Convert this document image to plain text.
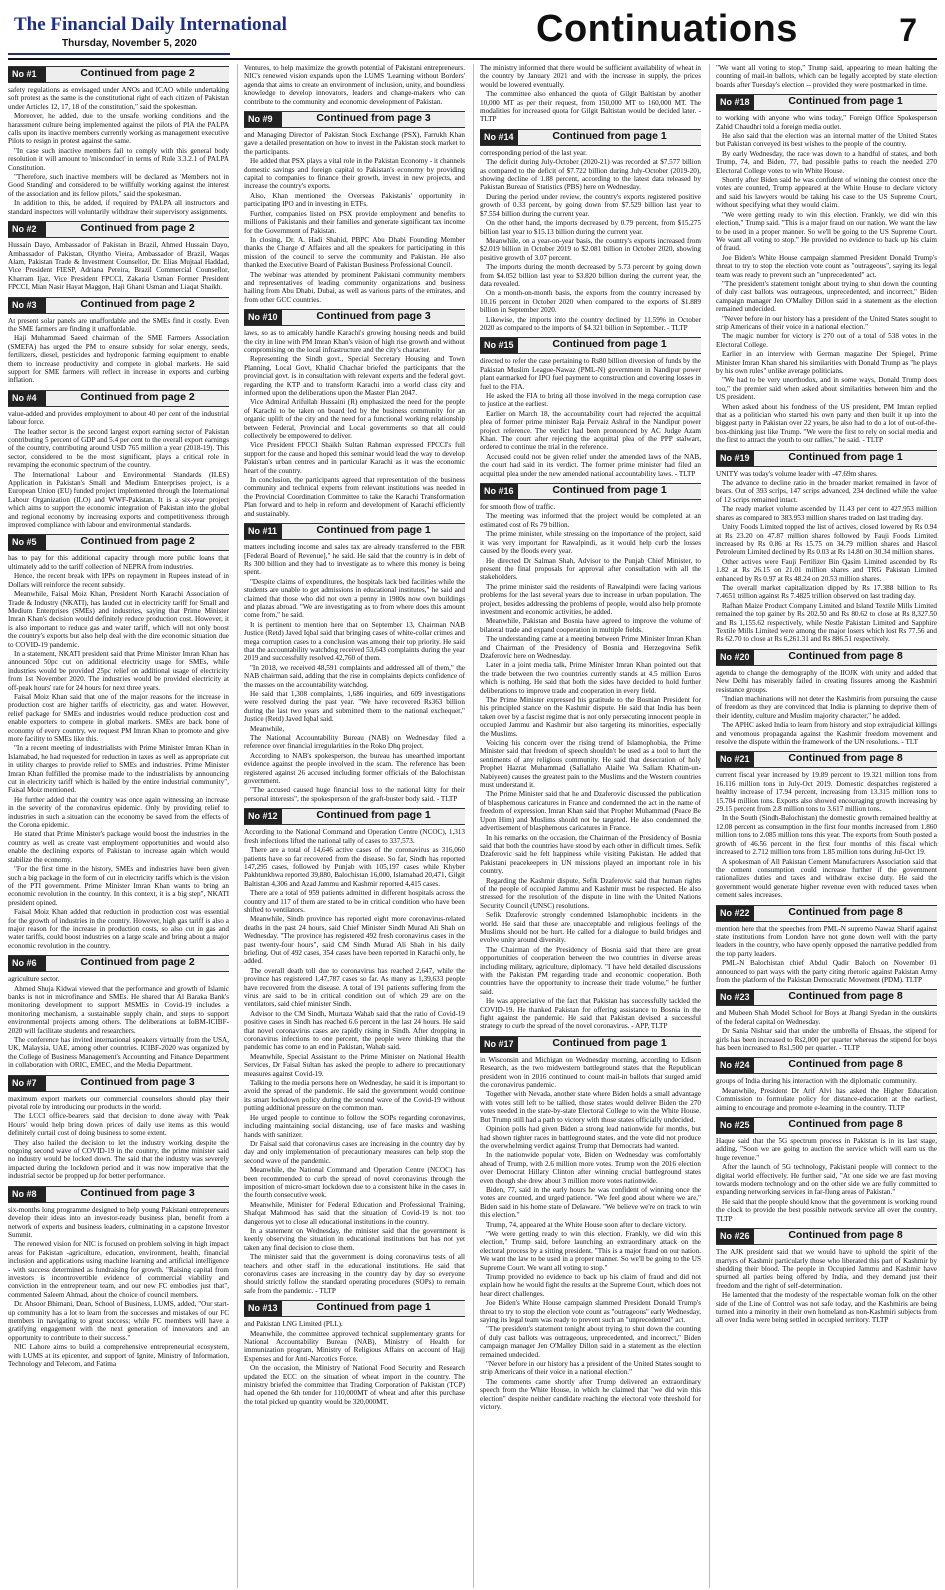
The Financial Daily International
Thursday, November 5, 2020	Continuations	7
No #1	Continued from page 2

safety regulations as envisaged under ANOs and ICAO while undertaking soft protest as the same is the constitutional right of each citizen of Pakistan under Articles 12, 17, 18 of the constitution," said the spokesman.

Moreover, he added, due to the unsafe working conditions and the harassment culture being implemented against the pilots of PIA the PALPA calls upon its inactive members currently working as management executive Pilots to resign in protest against the same.

"In case such inactive members fail to comply with this general body resolution it will amount to 'misconduct' in terms of Rule 3.3.2.1 of PALPA Constitution.

"Therefore, such inactive members will be declared as 'Members not in Good Standing' and considered to be willfully working against the interest of the association and its fellow pilots," said the spokesman.

In addition to this, he added, if required by PALPA all instructors and standard inspectors will voluntarily withdraw their supervisory assignments.

No #2	Continued from page 2

Hussain Dayo, Ambassador of Pakistan in Brazil, Ahmed Hussain Dayo, Ambassador of Pakistan, Olyntho Vieira, Ambassador of Brazil, Waqas Alam, Pakistan Trade & Investment Counsellor, Dr. Elias Mujtaal Haddad, Vice President FIESP, Adriana Pereira, Brazil Commercial Counsellor, Kharram Ijaz, Vice President FPCCI, Zakaria Usman Former President FPCCI, Mian Nasir Hayat Maggon, Haji Ghani Usman and Liaqat Shaikh.

No #3	Continued from page 2

At present solar panels are unaffordable and the SMEs find it costly. Even the SME farmers are finding it unaffordable.

Haji Muhammad Saeed chairman of the SME Farmers Association (SMEFA) has urged the PM to ensure subsidy for solar energy, seeds, fertilizers, diesel, pesticides and hydroponic farming equipment to enable them to increase productivity and compete in global markets. He said support for SME farmers will reflect in increase in exports and curbing inflation.

No #4	Continued from page 2

value-added and provides employment to about 40 per cent of the industrial labour force.

The leather sector is the second largest export earning sector of Pakistan contributing 5 percent of GDP and 5.4 per cent to the overall export earnings of the country, contributing around USD 765 million a year (2018-19). This sector, considered to be the most significant, plays a critical role in revamping the economic spectrum of the country.

The International Labour and Environmental Standards (ILES) Application in Pakistan's Small and Medium Enterprises project, is a European Union (EU) funded project implemented through the International Labour Organization (ILO) and WWF-Pakistan. It is a six-year project which aims to support the economic integration of Pakistan into the global and regional economy by increasing exports and competitiveness through improved compliance with labour and environmental standards.

No #5	Continued from page 2

has to pay for this additional capacity through more public loans that ultimately add to the tariff collection of NEPRA from industries.

Hence, the recent break with IPPs on repayment in Rupees instead of in Dollars will reinforce the recent subsidy.

Meanwhile, Faisal Moiz Khan, President North Karachi Association of Trade & Industry (NKATI), has lauded cut in electricity tariff for Small and Medium Enterprises (SMEs) and industries, saying that Prime Minister Imran Khan's decision would definitely reduce production cost. However, it is also important to reduce gas and water tariff, which will not only boost the country's exports but also help deal with the dire economic situation due to COVID-19 pandemic.

In a statement, NKATI president said that Prime Minister Imran Khan has announced 50pc cut on additional electricity usage for SMEs, while industries would be provided 25pc relief on additional usage of electricity from 1st November 2020. The industries would be provided electricity at off-peak hours' rate for 24 hours for next three years.

Faisal Moiz Khan said that one of the major reasons for the increase in production cost are higher tariffs of electricity, gas and water. However, relief package for SMEs and industries would reduce production cost and enable exporters to compete in global markets. SMEs are back bone of economy of every country, we request PM Imran Khan to promote and give more facility to SMEs like this.

"In a recent meeting of industrialists with Prime Minister Imran Khan in Islamabad, he had requested for reduction in taxes as well as appropriate cut in utility charges to provide relief to SMEs and industries. Prime Minister Imran Khan fulfilled the promise made to the industrialists by announcing cut in electricity tariff which is hailed by the entire industrial community", Faisal Moiz mentioned.

He further added that the country was once again witnessing an increase in the severity of the coronavirus epidemic. Only by providing relief to industries in such a situation can the economy be saved from the effects of the Corona epidemic.

He stated that Prime Minister's package would boost the industries in the country as well as create vast employment opportunities and would also enable the declining exports of Pakistan to increase again which would stabilize the economy.

"For the first time in the history, SMEs and industries have been given such a big package in the form of cut in electricity tariffs which is the vision of the PTI government. Prime Minister Imran Khan wants to bring an economic revolution in the country. In this context, it is a big step", NKATI president opined.

Faisal Moiz Khan added that reduction in production cost was essential for the growth of industries in the country. However, high gas tariff is also a major reason for the increase in production costs, so also cut in gas and water tariffs, could boost industries on a large scale and bring about a major economic revolution in the country.

No #6	Continued from page 2

agriculture sector.

Ahmed Shuja Kidwai viewed that the performance and growth of Islamic banks is not in microfinance and SMEs. He shared that Al Baraka Bank's monitoring development to support MSMEs in Covid-19 includes a monitoring mechanism, a sustainable supply chain, and steps to support environmental projects among others. The deliberations at IoBM-ICIBF-2020 will facilitate students and researchers.

The conference has invited international speakers virtually from the USA, UK, Malaysia, UAE, among other countries. ICIBF-2020 was organized by the College of Business Management's Accounting and Finance Department in collaboration with ORIC, EMEC, and the Media Department.

No #7	Continued from page 3

maximum export markets our commercial counselors should play their pivotal role by introducing our products in the world.

The LCCI office-bearers said that decision to done away with 'Peak Hours' would help bring down prices of daily use items as this would definitely curtail cost of doing business to some extent.

They also hailed the decision to let the industry working despite the ongoing second wave of COVID-19 in the country, the prime minister said no industry would be locked down. The said that the industry was severely impacted during the lockdown period and it was now imperative that the industrial sector be propped up for better performance.

No #8	Continued from page 3

six-months long programme designed to help young Pakistani entrepreneurs develop their ideas into an investor-ready business plan, benefit from a network of experts and business leaders, culminating in a capstone Investor Summit.

The renewed vision for NIC is focused on problem solving in high impact areas for Pakistan -agriculture, education, environment, health, financial inclusion and applications using machine learning and artificial intelligence - with success determined as fundraising for growth. "Raising capital from investors is incontrovertible evidence of commercial viability and conviction in the entrepreneur team, and our new FC embodies just that", commented Saleem Ahmad, about the choice of council members.

Dr. Ahsoor Bhimani, Dean, School of Business, LUMS, added, "Our start-up community has a lot to learn from the successes and mistakes of our FC members in navigating to great success; while FC members will have a gratifying engagement with the next generation of innovators and an opportunity to contribute to their success."

NIC Lahore aims to build a comprehensive entrepreneurial ecosystem, with LUMS at its epicenter, and support of Ignite, Ministry of Information, Technology and Telecom, and Fatima

Ventures, to help maximize the growth potential of Pakistani entrepreneurs. NIC's renewed vision expands upon the LUMS 'Learning without Borders' agenda that aims to create an environment of inclusion, unity, and boundless knowledge to develop innovators, leaders and change-makers who can contribute to the community and economic development of Pakistan.

No #9	Continued from page 3

and Managing Director of Pakistan Stock Exchange (PSX), Farrukh Khan gave a detailed presentation on how to invest in the Pakistan stock market to the participants.

He added that PSX plays a vital role in the Pakistan Economy - it channels domestic savings and foreign capital to Pakistan's economy by providing capital to companies to finance their growth, invest in new projects, and increase the country's exports.

Also, Khan mentioned the Overseas Pakistanis' opportunity in participating IPO and in investing in ETFs.

Further, companies listed on PSX provide employment and benefits to millions of Pakistanis and their families and generate significant tax income for the Government of Pakistan.

In closing, Dr. A. Hadi Shahid, PBPC Abu Dhabi Founding Member thanks the Charge d' Affaires and all the speakers for participating in this mission of the council to serve the community and Pakistan. He also thanked the Executive Board of Pakistan Business Professional Council.

The webinar was attended by prominent Pakistani community members and representatives of leading community organizations and business hailing from Abu Dhabi, Dubai, as well as various parts of the emirates, and from other GCC countries.

No #10	Continued from page 3

laws, so as to amicably handle Karachi's growing housing needs and build the city in line with PM Imran Khan's vision of high rise growth and without compromising on the local infrastructure and the city's character.

Representing the Sindh govt., Special Secretary Housing and Town Planning, Local Govt, Khalid Chachar briefed the participants that the provincial govt. is in consultation with relevant experts and the federal govt. regarding the KTP and to transform Karachi into a world class city and informed upon the deliberations upon the Master Plan 2047.

Vice Admiral Arifullah Hussaini (R) emphasized the need for the people of Karachi to be taken on board led by the business community for an organic uplift of the city and the need for a functional working relationship between Federal, Provincial and Local governments so that all could collectively be empowered to deliver.

Vice President FPCCI Shaikh Sultan Rahman expressed FPCCI's full support for the cause and hoped this seminar would lead the way to develop Pakistan's urban centres and in particular Karachi as it was the economic heart of the country.

In conclusion, the participants agreed that representation of the business community and technical experts from relevant institutions was needed in the Provincial Coordination Committee to take the Karachi Transformation Plan forward and to help in reform and development of Karachi efficiently and sustainably.

No #11	Continued from page 1

matters including income and sales tax are already transferred to the FBR [Federal Board of Revenue]," he said. He said that the country is in debt of Rs 300 billion and they had to investigate as to where this money is being spent.

"Despite claims of expenditures, the hospitals lack bed facilities while the students are unable to get admissions in educational institutes," he said and claimed that those who did not own a penny in 1980s now own buildings and plazas abroad. "We are investigating as to from where does this amount come from," he said.

It is pertinent to mention here that on September 13, Chairman NAB Justice (Retd) Javed Iqbal said that bringing cases of white-collar crimes and mega corruption cases to a conclusion was among their top priority. He said that the accountability watchdog received 53,643 complaints during the year 2019 and successfully resolved 42,760 of them.

"In 2018, we received 48,591 complaints and addressed all of them," the NAB chairman said, adding that the rise in complaints depicts confidence of the masses on the accountability watchdog.

He said that 1,308 complaints, 1,686 inquiries, and 609 investigations were resolved during the past year. "We have recovered Rs363 billion during the last two years and submitted them to the national exchequer," Justice (Retd) Javed Iqbal said.

Meanwhile,

The National Accountability Bureau (NAB) on Wednesday filed a reference over financial irregularities in the Roko Dhq project.

According to NAB's spokesperson, the bureau has unearthed important evidence against the people involved in the scam. The reference has been registered against 26 accused including former officials of the Balochistan government.

"The accused caused huge financial loss to the national kitty for their personal interests", the spokesperson of the graft-buster body said. - TLTP

No #12	Continued from page 1

According to the National Command and Operation Centre (NCOC), 1,313 fresh infections lifted the national tally of cases to 337,573.

There are a total of 14,646 active cases of the coronavirus as 316,060 patients have so far recovered from the disease. So far, Sindh has reported 147,295 cases, followed by Punjab with 105,197 cases while Khyber Pakhtunkhwa reported 39,880, Balochistan 16,000, Islamabad 20,471, Gilgit Baltistan 4,306 and Azad Jammu and Kashmir reported 4,415 cases.

There are a total of 959 patients admitted in different hospitals across the country and 117 of them are stated to be in critical condition who have been shifted to ventilators.

Meanwhile, Sindh province has reported eight more coronavirus-related deaths in the past 24 hours, said Chief Minister Sindh Murad Ali Shah on Wednesday. "The province has registered 492 fresh coronavirus cases in the past twenty-four hours", said CM Sindh Murad Ali Shah in his daily briefing. Out of 492 cases, 354 cases have been reported in Karachi only, he added.

The overall death toll due to coronavirus has reached 2,647, while the province has registered 1,47,787 cases so far. As many as 1,39,633 people have recovered from the disease. A total of 191 patients suffering from the virus are said to be in critical condition out of which 29 are on the ventilators, said chief minister Sindh.

Advisor to the CM Sindh, Murtaza Wahab said that the ratio of Covid-19 positive cases in Sindh has reached 6.6 percent in the last 24 hours. He said that novel coronavirus cases are rapidly rising in Sindh. After dropping in coronavirus infections to one percent, the people were thinking that the pandemic has come to an end in Pakistan, Wahab said.

Meanwhile, Special Assistant to the Prime Minister on National Health Services, Dr Faisal Sultan has asked the people to adhere to precautionary measures against Covid-19.

Talking to the media persons here on Wednesday, he said it is important to avoid the spread of the pandemic. He said the government would continue its smart lockdown policy during the second wave of the Covid-19 without putting additional pressure on the common man.

He urged people to continue to follow the SOPs regarding coronavirus, including maintaining social distancing, use of face masks and washing hands with sanitizer.

Dr Faisal said that coronavirus cases are increasing in the country day by day and only implementation of precautionary measures can help stop the second wave of the pandemic.

Meanwhile, the National Command and Operation Centre (NCOC) has been recommended to curb the spread of novel coronavirus through the imposition of micro-smart lockdown due to a consistent hike in the cases in the fourth consecutive week.

Meanwhile, Minister for Federal Education and Professional Training, Shafqat Mahmood has said that the situation of Covid-19 is not too dangerous yet to close all educational institutions in the country.

In a statement on Wednesday, the minister said that the government is keenly observing the situation in educational institutions but has not yet taken any final decision to close them.

The minister said that the government is doing coronavirus tests of all teachers and other staff in the educational institutions. He said that coronavirus cases are increasing in the country day by day so everyone should strictly follow the standard operating procedures (SOPs) to remain safe from the pandemic. - TLTP

No #13	Continued from page 1

and Pakistan LNG Limited (PLL).

Meanwhile, the committee approved technical supplementary grants for National Accountability Bureau (NAB), Ministry of Health for immunization program, Ministry of Religious Affairs on account of Hajj Expenses and for Anti-Narcotics Force.

On the occasion, the Ministry of National Food Security and Research updated the ECC on the situation of wheat import in the country. The ministry briefed the committee that Trading Corporation of Pakistan (TCP) had opened the 6th tender for 110,000MT of wheat and after this purchase the total picked up quantity would be 320,000MT.

The ministry informed that there would be sufficient availability of wheat in the country by January 2021 and with the increase in supply, the prices would be lowered eventually.

The committee also enhanced the quota of Gilgit Baltistan by another 10,000 MT as per their request, from 150,000 MT to 160,000 MT. The modalities for increased quota for Gilgit Baltistan would be decided later. - TLTP

No #14	Continued from page 1

corresponding period of the last year.

The deficit during July-October (2020-21) was recorded at $7.577 billion as compared to the deficit of $7.722 billion during July-October (2019-20), showing decline of 1.88 percent, according to the latest data released by Pakistan Bureau of Statistics (PBS) here on Wednesday.

During the period under review, the country's exports registered positive growth of 0.33 percent, by going down from $7.529 billion last year to $7.554 billion during the current year.

On the other hand, the imports decreased by 0.79 percent, from $15.275 billion last year to $15.13 billion during the current year.

Meanwhile, on a year-on-year basis, the country's exports increased from $2.019 billion in October 2019 to $2.081 billion in October 2020, showing positive growth of 3.07 percent.

The imports during the month decreased by 5.73 percent by going down from $4.052 billion last year to $3.820 billion during the current year, the data revealed.

On a month-on-month basis, the exports from the country increased by 10.16 percent in October 2020 when compared to the exports of $1.889 billion in September 2020.

Likewise, the imports into the country declined by 11.59% in October 2020 as compared to the imports of $4.321 billion in September. - TLTP

No #15	Continued from page 1

directed to refer the case pertaining to Rs80 billion diversion of funds by the Pakistan Muslim League-Nawaz (PML-N) government in Nandipur power plant earmarked for IPO fuel payment to construction and covering losses in fuel to the FIA.

He asked the FIA to bring all those involved in the mega corruption case to justice at the earliest.

Earlier on March 18, the accountability court had rejected the acquittal plea of former prime minister Raja Pervaiz Ashraf in the Nandipur power project reference. The verdict had been pronounced by AC Judge Azam Khan. The court after rejecting the acquittal plea of the PPP stalwart, ordered to continue the trial in the reference.

Accused could not be given relief under the amended laws of the NAB, the court had said in its verdict. The former prime minister had filed an acquittal plea under the new amended national accountability laws. - TLTP

No #16	Continued from page 1

for smooth flow of traffic.

The meeting was informed that the project would be completed at an estimated cost of Rs 79 billion.

The prime minister, while stressing on the importance of the project, said it was very important for Rawalpindi, as it would help curb the losses caused by the floods every year.

He directed Dr Salman Shah, Advisor to the Punjab Chief Minister, to present the final proposals for approval after consultation with all the stakeholders.

The prime minister said the residents of Rawalpindi were facing various problems for the last several years due to increase in urban population. The project, besides addressing the problems of people, would also help promote investment and economic activities, he added.

Meanwhile, Pakistan and Bosnia have agreed to improve the volume of bilateral trade and expand cooperation in multiple fields.

The understanding came at a meeting between Prime Minister Imran Khan and Chairman of the Presidency of Bosnia and Herzegovina Sefik Dzaferovic here on Wednesday.

Later in a joint media talk, Prime Minister Imran Khan pointed out that the trade between the two countries currently stands at 4.5 million Euros which is nothing. He said that both the sides have decided to hold further deliberations to improve trade and cooperation in every field.

The Prime Minister expressed his gratitude to the Bosnian President for his principled stance on the Kashmir dispute. He said that India has been taken over by a fascist regime that is not only persecuting innocent people in occupied Jammu and Kashmir but also targeting its minorities, especially the Muslims.

Voicing his concern over the rising trend of Islamophobia, the Prime Minister said that freedom of speech shouldn't be used as a tool to hurt the sentiments of any religious community. He said that desecration of holy Prophet Hazrat Muhammad (Sallallaho Alaihe Wa Sallam Khatim-un-Nabiyeen) causes the greatest pain to the Muslims and the Western countries must understand it.

The Prime Minister said that he and Dzaferovic discussed the publication of blasphemous caricatures in France and condemned the act in the name of freedom of expression. Imran Khan said that Prophet Muhammad (Peace Be Upon Him) and Muslims should not be targeted. He also condemned the advertisement of blasphemous caricatures in France.

In his remarks on the occasion, the Chairman of the Presidency of Bosnia said that both the countries have stood by each other in difficult times. Sefik Dzaferovic said he felt happiness while visiting Pakistan. He added that Pakistani peacekeepers in UN missions played an important role in his country.

Regarding the Kashmir dispute, Sefik Dzaferovic said that human rights of the people of occupied Jammu and Kashmir must be respected. He also stressed for the resolution of the dispute in line with the United Nations Security Council (UNSC) resolutions.

Sefik Dzaferovic strongly condemned Islamophobic incidents in the world. He said that these are unacceptable and religious feelings of the Muslims should not be hurt. He called for a dialogue to build bridges and evolve unity around diversity.

The Chairman of the Presidency of Bosnia said that there are great opportunities of cooperation between the two countries in diverse areas including military, agriculture, diplomacy. "I have held detailed discussions with the Pakistan PM regarding trade and economic cooperation. Both countries have the opportunity to increase their trade volume," he further said.

He was appreciative of the fact that Pakistan has successfully tackled the COVID-19. He thanked Pakistan for offering assistance to Bosnia in the fight against the pandemic. He said that Pakistan devised a successful strategy to curb the spread of the novel coronavirus. - APP, TLTP

No #17	Continued from page 1

in Wisconsin and Michigan on Wednesday morning, according to Edison Research, as the two midwestern battleground states that the Republican president won in 2016 continued to count mail-in ballots that surged amid the coronavirus pandemic.

Together with Nevada, another state where Biden holds a small advantage with votes still left to be tallied, those states would deliver Biden the 270 votes needed in the state-by-state Electoral College to win the White House. But Trump still had a path to victory with those states officially undecided.

Opinion polls had given Biden a strong lead nationwide for months, but had shown tighter races in battleground states, and the vote did not produce the overwhelming verdict against Trump that Democrats had wanted.

In the nationwide popular vote, Biden on Wednesday was comfortably ahead of Trump, with 2.6 million more votes. Trump won the 2016 election over Democrat Hillary Clinton after winning crucial battleground states even though she drew about 3 million more votes nationwide.

Biden, 77, said in the early hours he was confident of winning once the votes are counted, and urged patience. "We feel good about where we are," Biden said in his home state of Delaware. "We believe we're on track to win this election."

Trump, 74, appeared at the White House soon after to declare victory.

"We were getting ready to win this election. Frankly, we did win this election," Trump said, before launching an extraordinary attack on the electoral process by a sitting president. "This is a major fraud on our nation. We want the law to be used in a proper manner. So we'll be going to the US Supreme Court. We want all voting to stop."

Trump provided no evidence to back up his claim of fraud and did not explain how he would fight the results at the Supreme Court, which does not hear direct challenges.

Joe Biden's White House campaign slammed President Donald Trump's threat to try to stop the election vote count as "outrageous" early Wednesday, saying its legal team was ready to prevent such an "unprecedented" act.

"The president's statement tonight about trying to shut down the counting of duly cast ballots was outrageous, unprecedented, and incorrect," Biden campaign manager Jen O'Malley Dillon said in a statement as the election remained undecided.

"Never before in our history has a president of the United States sought to strip Americans of their voice in a national election."

The comments came shortly after Trump delivered an extraordinary speech from the White House, in which he claimed that "we did win this election" despite neither candidate reaching the electoral vote threshold for victory.

"We want all voting to stop," Trump said, appearing to mean halting the counting of mail-in ballots, which can be legally accepted by state election boards after Tuesday's election -- provided they were postmarked in time.

No #18	Continued from page 1

to working with anyone who wins today," Foreign Office Spokesperson Zahid Chaudhri told a foreign media outlet.

He also said that the election was an internal matter of the United States but Pakistan conveyed its best wishes to the people of the country.

By early Wednesday, the race was down to a handful of states, and both Trump, 74, and Biden, 77, had possible paths to reach the needed 270 Electoral College votes to win White House.

Shortly after Biden said he was confident of winning the contest once the votes are counted, Trump appeared at the White House to declare victory and said his lawyers would be taking his case to the US Supreme Court, without specifying what they would claim.

"We were getting ready to win this election. Frankly, we did win this election," Trump said. "This is a major fraud on our nation. We want the law to be used in a proper manner. So we'll be going to the US Supreme Court. We want all voting to stop." He provided no evidence to back up his claim of fraud.

Joe Biden's White House campaign slammed President Donald Trump's threat to try to stop the election vote count as "outrageous", saying its legal team was ready to prevent such an "unprecedented" act.

"The president's statement tonight about trying to shut down the counting of duly cast ballots was outrageous, unprecedented, and incorrect," Biden campaign manager Jen O'Malley Dillon said in a statement as the election remained undecided.

"Never before in our history has a president of the United States sought to strip Americans of their voice in a national election."

The magic number for victory is 270 out of a total of 538 votes in the Electoral College.

Earlier in an interview with German magazine Der Spiegel, Prime Minister Imran Khan shared his similarities with Donald Trump as "he plays by his own rules" unlike average politicians.

"We had to be very unorthodox, and in some ways, Donald Trump does too," the premier said when asked about similarities between him and the US president.

When asked about his fondness of the US president, PM Imran replied that as a politician who started his own party and then built it up into the biggest party in Pakistan over 22 years, he also had to do a lot of out-of-the-box-thinking just like Trump. "We were the first to rely on social media and the first to attract the youth to our rallies," he said. - TLTP

No #19	Continued from page 1

UNITY was today's volume leader with -47.69m shares.

The advance to decline ratio in the broader market remained in favor of bears. Out of 393 scrips, 147 scrips advanced, 234 declined while the value of 12 scrips remained intact.

The ready market volume ascended by 11.43 per cent to 427.953 million shares as compared to 383.953 million shares traded on last trading day.

Unity Foods Limited topped the list of actives, closed lowered by Rs 0.94 at Rs 23.20 on 47.87 million shares followed by Fauji Foods Limited increased by Rs 0.86 at Rs 15.75 on 34.79 million shares and Hascol Petroleum Limited declined by Rs 0.03 at Rs 14.80 on 30.34 million shares.

Other actives were Fauji Fertilizer Bin Qasim Limited ascended by Rs 1.82 at Rs 26.15 on 21.01 million shares and TRG Pakistan Limited enhanced by Rs 0.97 at Rs 48.24 on 20.53 million shares.

The overall market capitalization dipped by Rs 17.388 billion to Rs 7.4651 trillion against Rs 7.4825 trillion observed on last trading day.

Rafhan Maize Product Company Limited and Island Textile Mills Limited remained the top gainer by Rs 202.50 and Rs 80.62 to close at Rs 8,327.50 and Rs 1,155.62 respectively, while Nestle Pakistan Limited and Sapphire Textile Mills Limited were among the major losers which lost Rs 77.56 and Rs 62.70 to close at Rs 6,261.31 and Rs 886.51 respectively.

No #20	Continued from page 8

agenda to change the demography of the IIOJK with unity and added that New Delhi has miserably failed in creating fissures among the Kashmiri resistance groups.

"Indian machinations will not deter the Kashmiris from pursuing the cause of freedom as they are convinced that India is planning to deprive them of their identity, culture and Muslim majority character," he added.

The APHC asked India to learn from history and stop extrajudicial killings and venomous propaganda against the Kashmir freedom movement and resolve the dispute within the framework of the UN resolutions. - TLT

No #21	Continued from page 8

current fiscal year increased by 19.89 percent to 19.321 million tons from 16.116 million tons in July-Oct 2019. Domestic despatches registered a healthy increase of 17.94 percent, increasing from 13.315 million tons to 15.704 million tons. Exports also showed encouraging growth increasing by 29.15 percent from 2.8 million tons to 3.617 million tons.

In the South (Sindh-Balochistan) the domestic growth remained healthy at 12.08 percent as consumption in the first four months increased from 1.860 million tons to 2.085 million tons this year. The exports from South posted a growth of 46.56 percent in the first four months of this fiscal which increased to 2.712 million tons from 1.85 million tons during Jul-Oct 19.

A spokesman of All Pakistan Cement Manufacturers Association said that the cement consumption could increase further if the government rationalizes duties and taxes and withdraw excise duty. He said the government would generate higher revenue even with reduced taxes when cement sales increases.

No #22	Continued from page 8

mention here that the speeches from PML-N supremo Nawaz Sharif against state institutions from London have not gone down well with the party leaders in the country, who have openly opposed the narrative peddled from the top party leaders.

PML-N Balochistan chief Abdul Qadir Baloch on November 01 announced to part ways with the party citing rhetoric against Pakistan Army from the platform of the Pakistan Democratic Movement (PDM). TLTP

No #23	Continued from page 8

and Mubeen Shah Model School for Boys at Jhangi Syedan in the outskirts of the federal capital on Wednesday.

Dr Sania Nishtar said that under the umbrella of Ehsaas, the stipend for girls has been increased to Rs2,000 per quarter whereas the stipend for boys has been increased to Rs1,500 per quarter. - TLTP

No #24	Continued from page 8

groups of India during his interaction with the diplomatic community.

Meanwhile, President Dr Arif Alvi has asked the Higher Education Commission to formulate policy for distance-education at the earliest, aiming to encourage and promote e-learning in the country. TLTP

No #25	Continued from page 8

Haque said that the 5G spectrum process in Pakistan is in its last stage, adding, "Soon we are going to auction the service which will earn us the huge revenue."

After the launch of 5G technology, Pakistani people will connect to the digital world effectively. He further said, "At one side we are fast moving towards modern technology and on the other side we are fully committed to expanding networking services in far-flung areas of Pakistan."

He said that the people should know that the government is working round the clock to provide the best possible network service all over the country. TLTP

No #26	Continued from page 8

The AJK president said that we would have to uphold the spirit of the martyrs of Kashmir particularly those who liberated this part of Kashmir by shedding their blood. The people in Occupied Jammu and Kashmir have spurned all parties being offered by India, and they demand just their freedom and the right of self-determination.

He lamented that the modesty of the respectable woman folk on the other side of the Line of Control was not safe today, and the Kashmiris are being turned into a minority in their own homeland as non-Kashmiri subjects from all over India were being settled in occupied territory. TLTP
